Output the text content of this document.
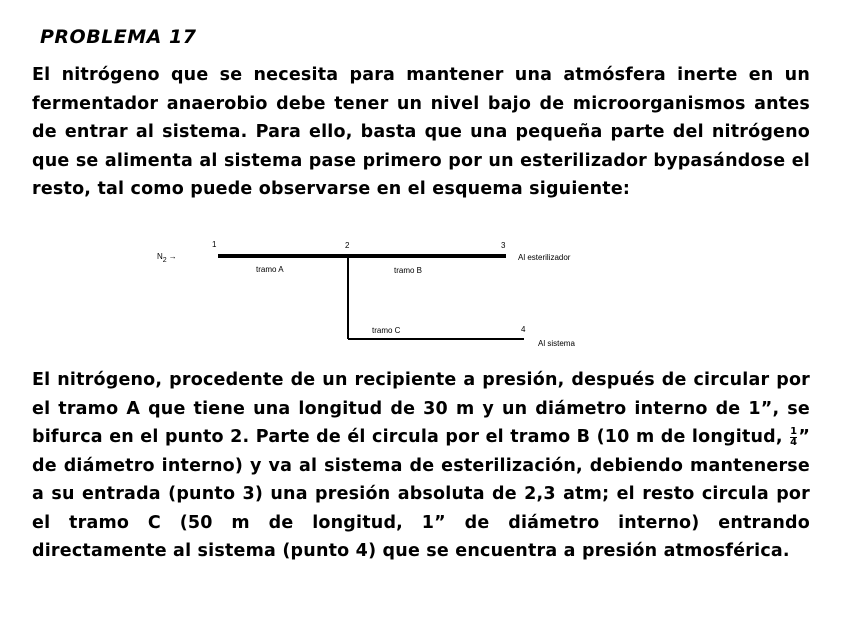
PROBLEMA 17

El nitrógeno que se necesita para mantener una atmósfera inerte en un fermentador anaerobio debe tener un nivel bajo de microorganismos antes de entrar al sistema. Para ello, basta que una pequeña parte del nitrógeno que se alimenta al sistema pase primero por un esterilizador bypasándose el resto, tal como puede observarse en el esquema siguiente:

N2 →
1	2	3
4
tramo A	tramo B
tramo C
Al esterilizador
Al sistema

El nitrógeno, procedente de un recipiente a presión, después de circular por el tramo A que tiene una longitud de 30 m y un diámetro interno de 1”, se bifurca en el punto 2. Parte de él circula por el tramo B (10 m de longitud, $\frac{1}{4}$ ” de diámetro interno) y va al sistema de esterilización, debiendo mantenerse a su entrada (punto 3) una presión absoluta de 2,3 atm; el resto circula por el tramo C (50 m de longitud, 1” de diámetro interno) entrando directamente al sistema (punto 4) que se encuentra a presión atmosférica.
